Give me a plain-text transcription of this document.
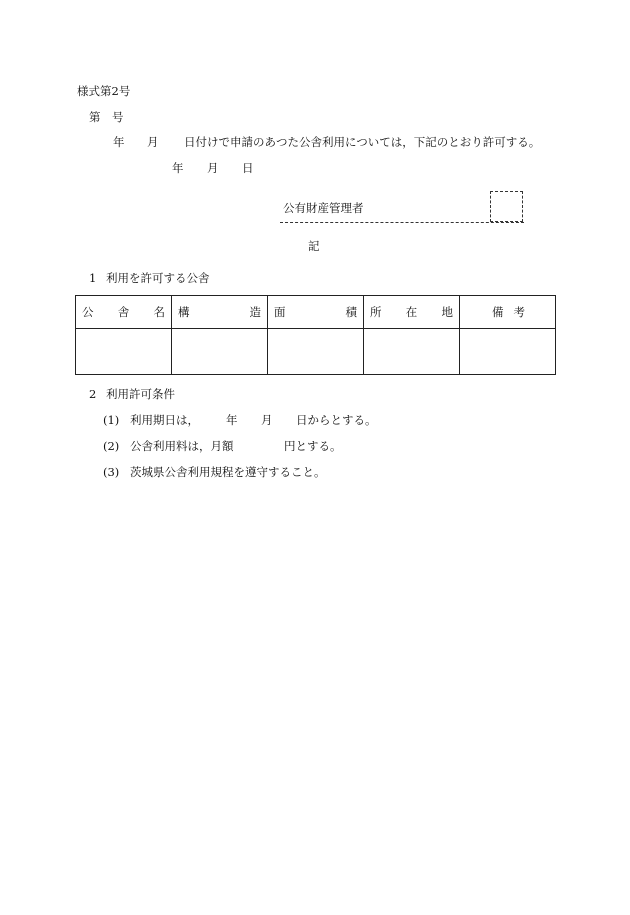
様式第2号
第　号
年 月 日付けで申請のあつた公舎利用については，下記のとおり許可する。
年 月 日
公有財産管理者
記
1 利用を許可する公舎
公 舎 名	構 造	面 積	所 在 地	備 考

2 利用許可条件
(1) 利用期日は， 年 月 日からとする。
(2) 公舎利用料は，月額	円とする。
(3) 茨城県公舎利用規程を遵守すること。
